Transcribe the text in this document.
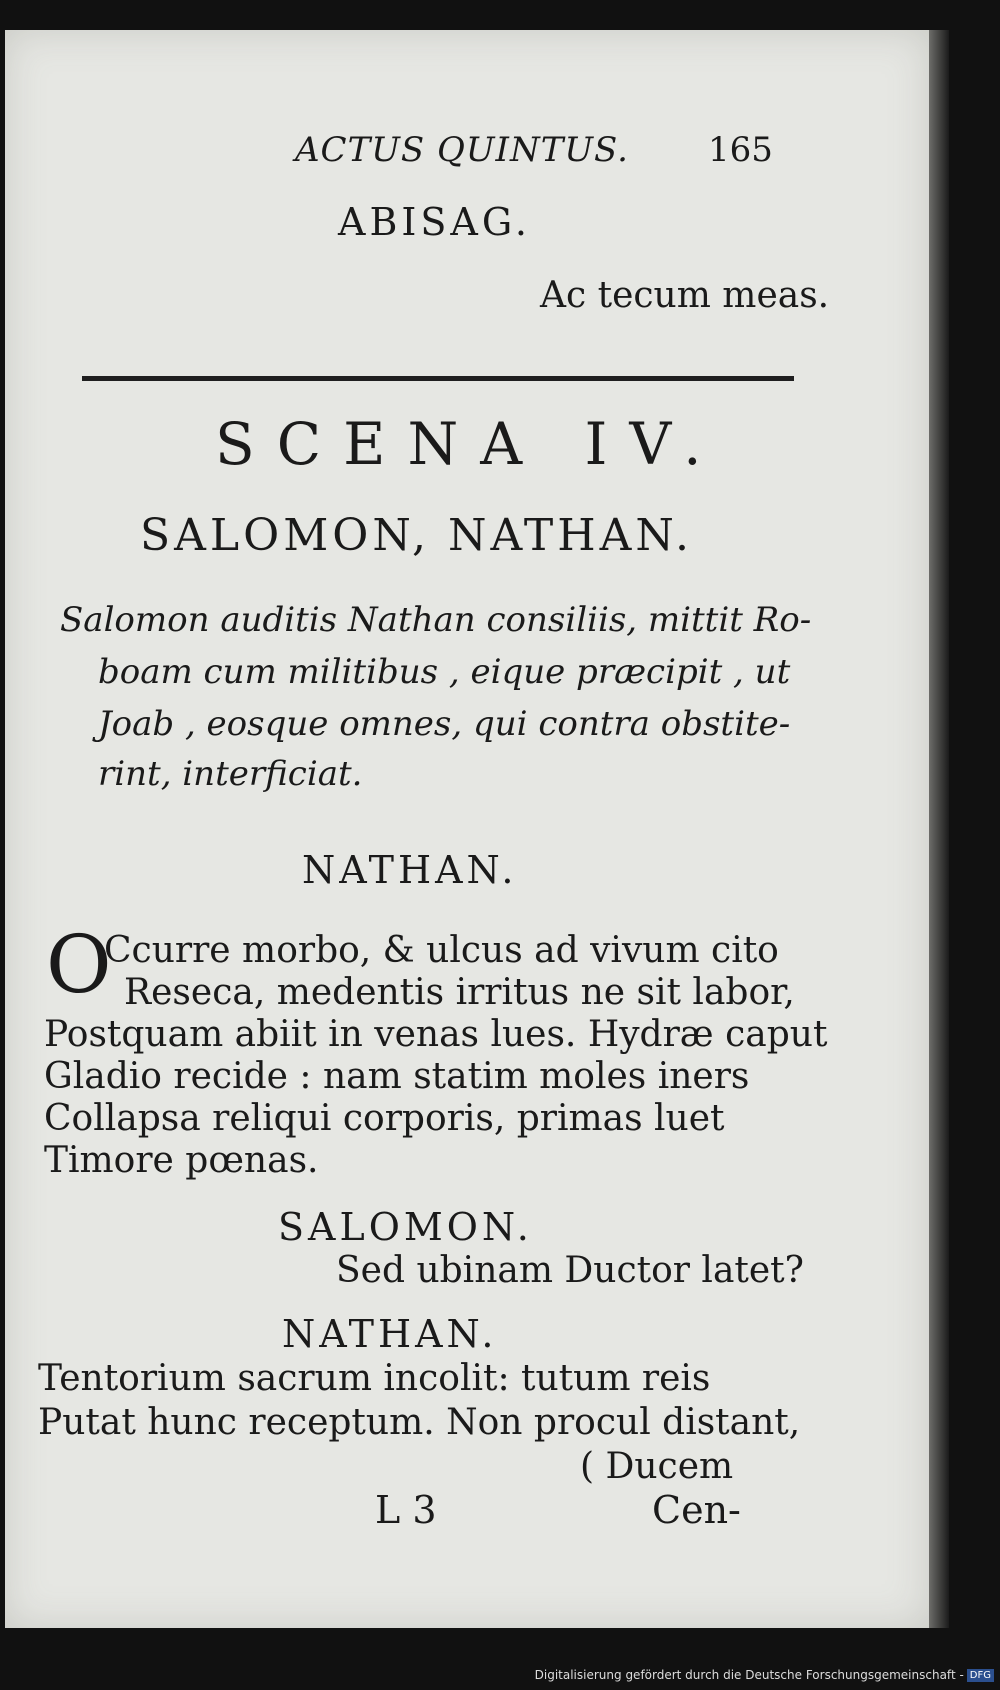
ACTUS QUINTUS. 165
ABISAG.
Ac tecum meas.
SCENA IV.
SALOMON, NATHAN.
Salomon auditis Nathan consiliis, mittit Ro-
boam cum militibus , eique præcipit , ut
Joab , eosque omnes, qui contra obstite-
rint, interficiat.
NATHAN.
O
Ccurre morbo, & ulcus ad vivum cito
Reseca, medentis irritus ne sit labor,
Postquam abiit in venas lues. Hydræ caput
Gladio recide : nam statim moles iners
Collapsa reliqui corporis, primas luet
Timore pœnas.
SALOMON.
Sed ubinam Ductor latet?
NATHAN.
Tentorium sacrum incolit: tutum reis
Putat hunc receptum. Non procul distant,
( Ducem
L 3	Cen-
Digitalisierung gefördert durch die Deutsche Forschungsgemeinschaft - DFG
